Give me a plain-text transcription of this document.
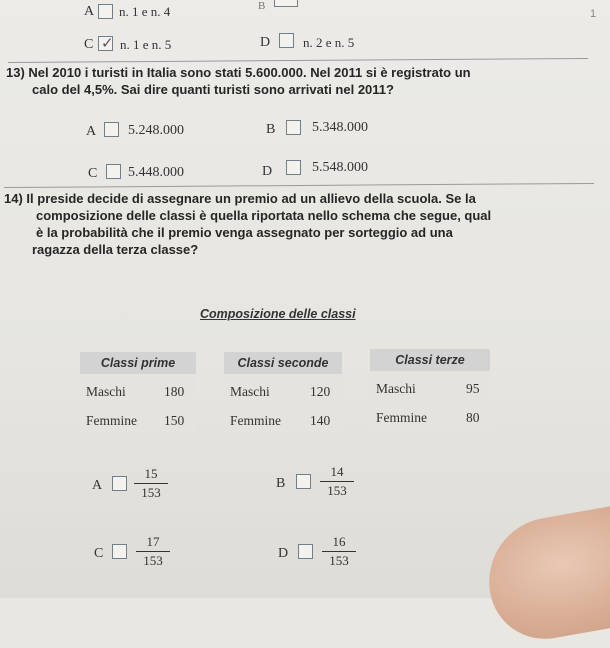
A n. 1 e n. 4	B
1
C ✓ n. 1 e n. 5	D	n. 2 e n. 5
13) Nel 2010 i turisti in Italia sono stati 5.600.000. Nel 2011 si è registrato un
calo del 4,5%. Sai dire quanti turisti sono arrivati nel 2011?
A 5.248.000	B	5.348.000
C 5.448.000	D	5.548.000
14) Il preside decide di assegnare un premio ad un allievo della scuola. Se la
composizione delle classi è quella riportata nello schema che segue, qual
è la probabilità che il premio venga assegnato per sorteggio ad una
ragazza della terza classe?
Composizione delle classi
Classi prime
Maschi	180
Femmine 150
Classi seconde
Maschi	120
Femmine 140
Classi terze
Maschi	95
Femmine	80
A $\frac{15}{153}$	B	$\frac{14}{153}$
C	$\frac{17}{153}$	D	$\frac{16}{153}$
